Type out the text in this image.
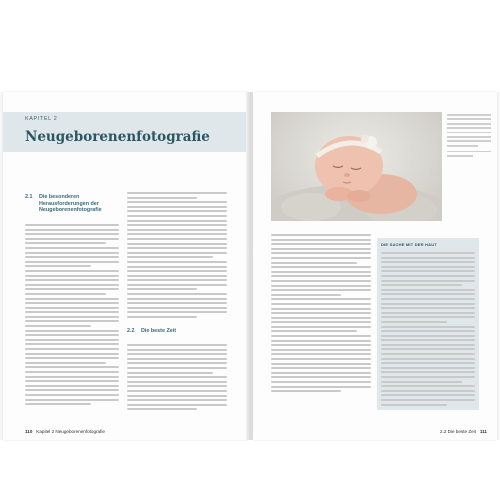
KAPITEL 2
Neugeborenenfotografie
2.1 Die besonderen Herausforderungen der Neugeborenenfotografie
2.2 Die beste Zeit
110 Kapitel 2 Neugeborenenfotografie
DIE SACHE MIT DER HAUT
2.2 Die beste Zeit 111
